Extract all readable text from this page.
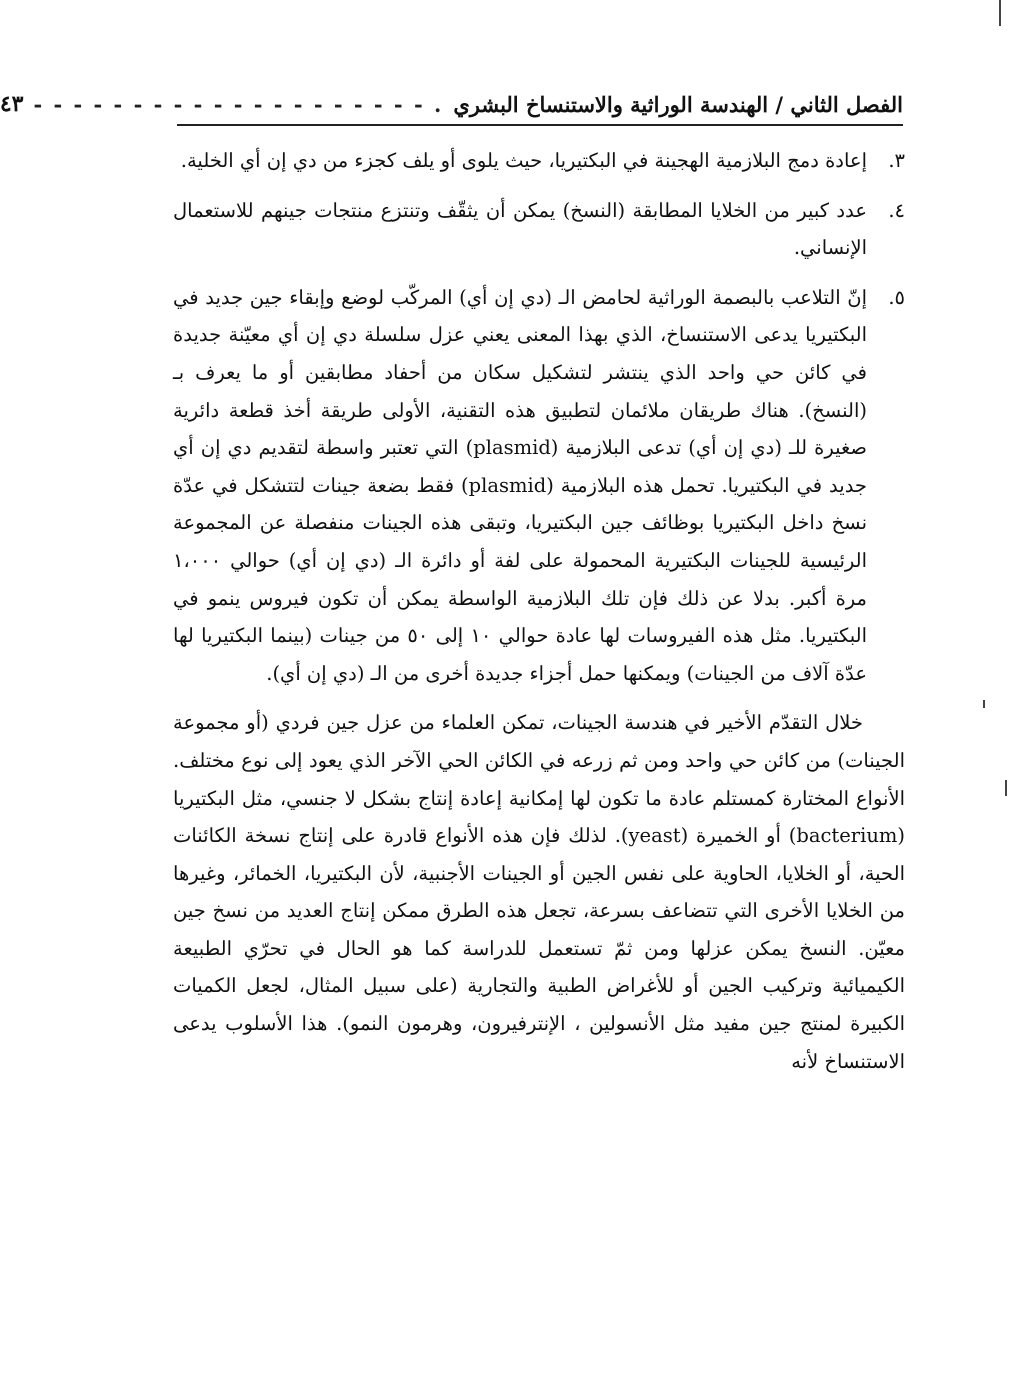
الفصل الثاني / الهندسة الوراثية والاستنساخ البشري
. - - - - - - - - - - - - - - - - - - - -
٤٣
٣.
إعادة دمج البلازمية الهجينة في البكتيريا، حيث يلوى أو يلف كجزء من دي إن أي الخلية.
٤.
عدد كبير من الخلايا المطابقة (النسخ) يمكن أن يثقّف وتنتزع منتجات جينهم للاستعمال الإنساني.
٥.
إنّ التلاعب بالبصمة الوراثية لحامض الـ (دي إن أي) المركّب لوضع وإبقاء جين جديد في البكتيريا يدعى الاستنساخ، الذي بهذا المعنى يعني عزل سلسلة دي إن أي معيّنة جديدة في كائن حي واحد الذي ينتشر لتشكيل سكان من أحفاد مطابقين أو ما يعرف بـ (النسخ). هناك طريقان ملائمان لتطبيق هذه التقنية، الأولى طريقة أخذ قطعة دائرية صغيرة للـ (دي إن أي) تدعى البلازمية (plasmid) التي تعتبر واسطة لتقديم دي إن أي جديد في البكتيريا. تحمل هذه البلازمية (plasmid) فقط بضعة جينات لتتشكل في عدّة نسخ داخل البكتيريا بوظائف جين البكتيريا، وتبقى هذه الجينات منفصلة عن المجموعة الرئيسية للجينات البكتيرية المحمولة على لفة أو دائرة الـ (دي إن أي) حوالي ١،٠٠٠ مرة أكبر. بدلا عن ذلك فإن تلك البلازمية الواسطة يمكن أن تكون فيروس ينمو في البكتيريا. مثل هذه الفيروسات لها عادة حوالي ١٠ إلى ٥٠ من جينات (بينما البكتيريا لها عدّة آلاف من الجينات) ويمكنها حمل أجزاء جديدة أخرى من الـ (دي إن أي).

خلال التقدّم الأخير في هندسة الجينات، تمكن العلماء من عزل جين فردي (أو مجموعة الجينات) من كائن حي واحد ومن ثم زرعه في الكائن الحي الآخر الذي يعود إلى نوع مختلف. الأنواع المختارة كمستلم عادة ما تكون لها إمكانية إعادة إنتاج بشكل لا جنسي، مثل البكتيريا (bacterium) أو الخميرة (yeast). لذلك فإن هذه الأنواع قادرة على إنتاج نسخة الكائنات الحية، أو الخلايا، الحاوية على نفس الجين أو الجينات الأجنبية، لأن البكتيريا، الخمائر، وغيرها من الخلايا الأخرى التي تتضاعف بسرعة، تجعل هذه الطرق ممكن إنتاج العديد من نسخ جين معيّن. النسخ يمكن عزلها ومن ثمّ تستعمل للدراسة كما هو الحال في تحرّي الطبيعة الكيميائية وتركيب الجين أو للأغراض الطبية والتجارية (على سبيل المثال، لجعل الكميات الكبيرة لمنتج جين مفيد مثل الأنسولين ، الإنترفيرون، وهرمون النمو). هذا الأسلوب يدعى الاستنساخ لأنه
